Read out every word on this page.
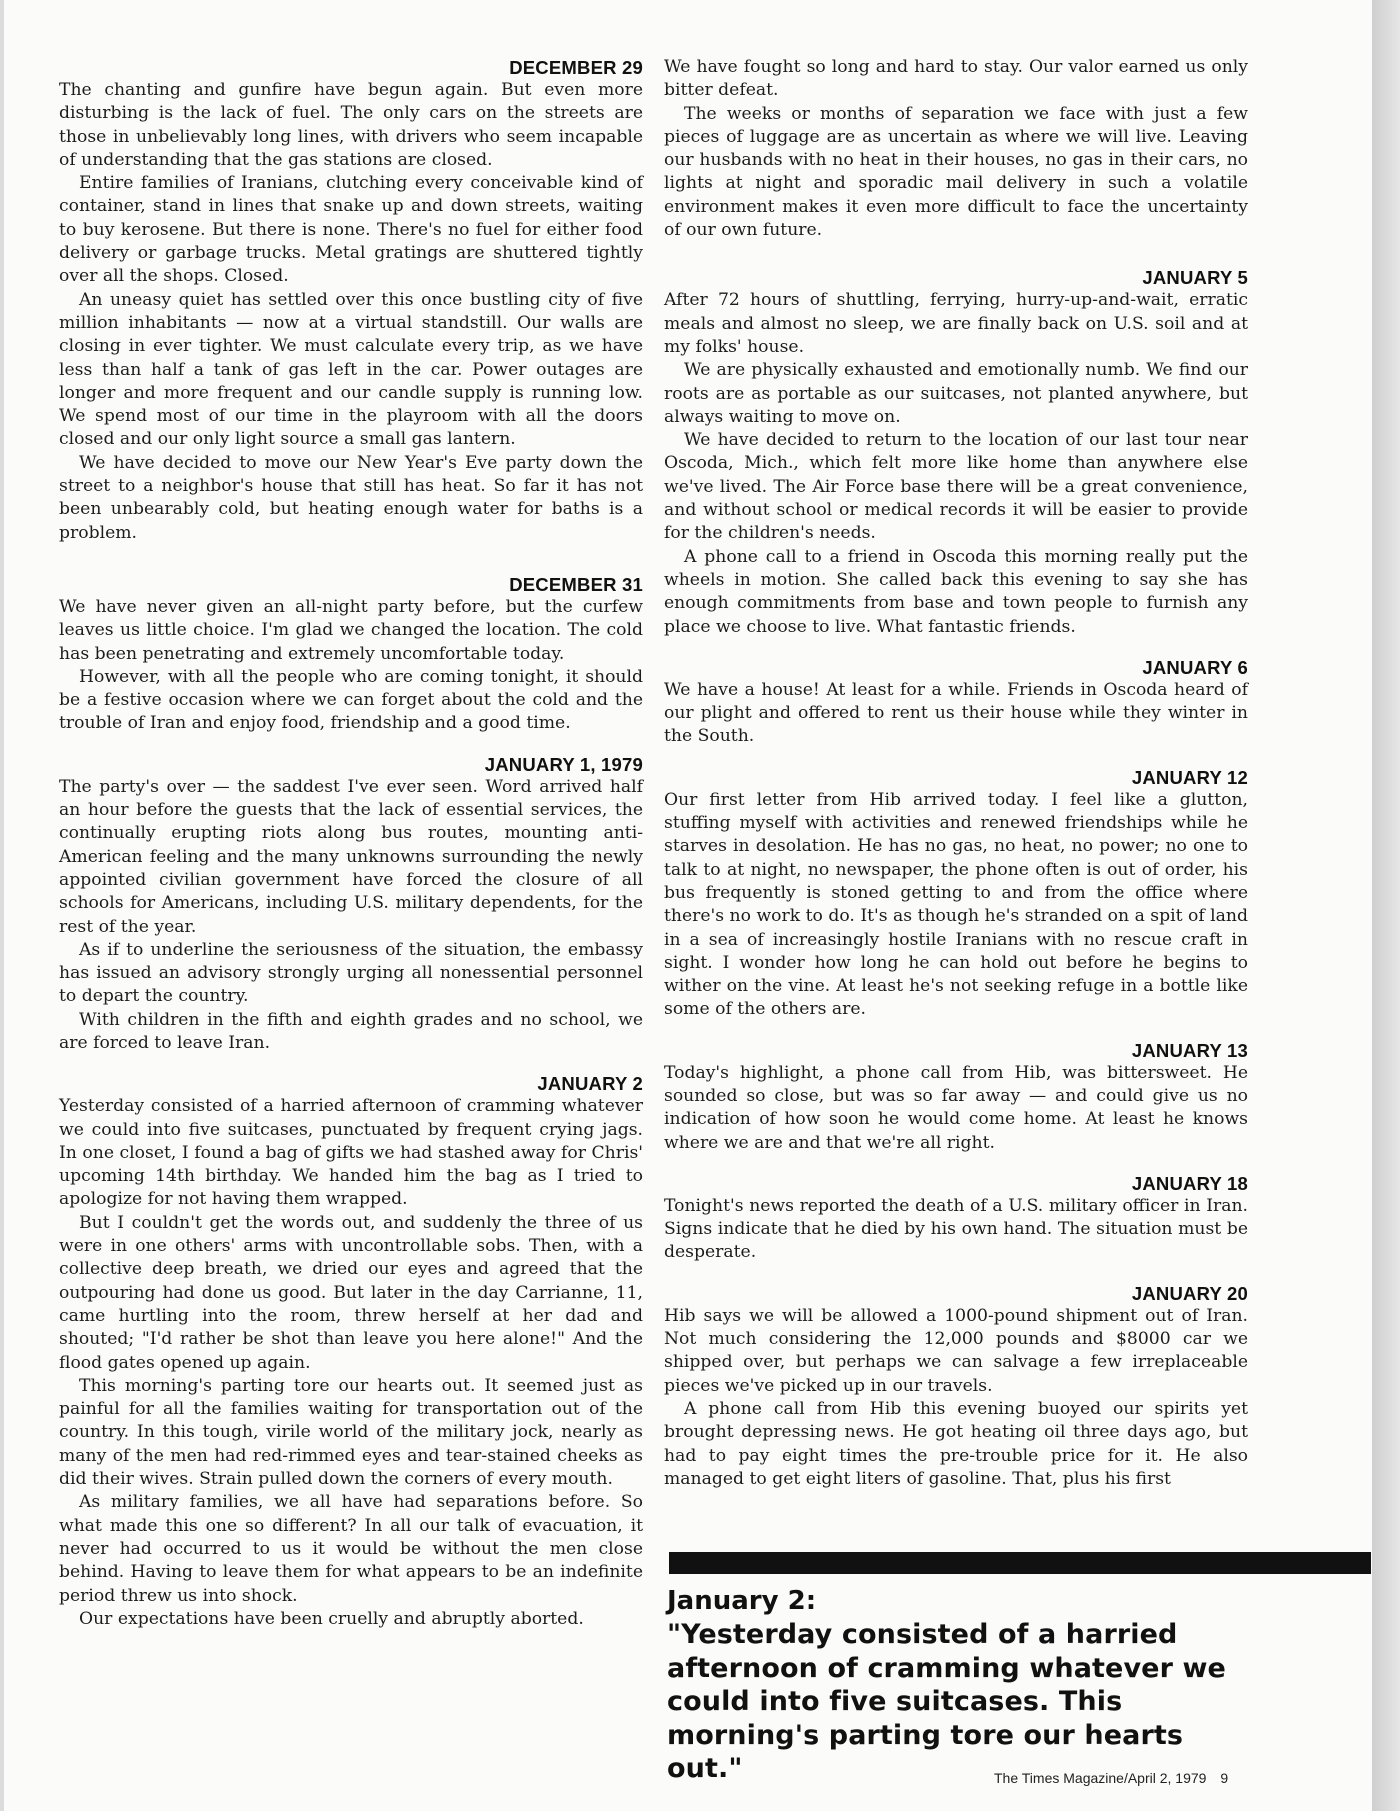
DECEMBER 29

The chanting and gunfire have begun again. But even more disturbing is the lack of fuel. The only cars on the streets are those in unbelievably long lines, with drivers who seem incapable of understanding that the gas stations are closed.

Entire families of Iranians, clutching every conceivable kind of container, stand in lines that snake up and down streets, waiting to buy kerosene. But there is none. There's no fuel for either food delivery or garbage trucks. Metal gratings are shuttered tightly over all the shops. Closed.

An uneasy quiet has settled over this once bustling city of five million inhabitants — now at a virtual standstill. Our walls are closing in ever tighter. We must calculate every trip, as we have less than half a tank of gas left in the car. Power outages are longer and more frequent and our candle supply is running low. We spend most of our time in the playroom with all the doors closed and our only light source a small gas lantern.

We have decided to move our New Year's Eve party down the street to a neighbor's house that still has heat. So far it has not been unbearably cold, but heating enough water for baths is a problem.

DECEMBER 31

We have never given an all-night party before, but the curfew leaves us little choice. I'm glad we changed the location. The cold has been penetrating and extremely uncomfortable today.

However, with all the people who are coming tonight, it should be a festive occasion where we can forget about the cold and the trouble of Iran and enjoy food, friendship and a good time.

JANUARY 1, 1979

The party's over — the saddest I've ever seen. Word arrived half an hour before the guests that the lack of essential services, the continually erupting riots along bus routes, mounting anti-American feeling and the many unknowns surrounding the newly appointed civilian government have forced the closure of all schools for Americans, including U.S. military dependents, for the rest of the year.

As if to underline the seriousness of the situation, the embassy has issued an advisory strongly urging all nonessential personnel to depart the country.

With children in the fifth and eighth grades and no school, we are forced to leave Iran.

JANUARY 2

Yesterday consisted of a harried afternoon of cramming whatever we could into five suitcases, punctuated by frequent crying jags. In one closet, I found a bag of gifts we had stashed away for Chris' upcoming 14th birthday. We handed him the bag as I tried to apologize for not having them wrapped.

But I couldn't get the words out, and suddenly the three of us were in one others' arms with uncontrollable sobs. Then, with a collective deep breath, we dried our eyes and agreed that the outpouring had done us good. But later in the day Carrianne, 11, came hurtling into the room, threw herself at her dad and shouted; "I'd rather be shot than leave you here alone!" And the flood gates opened up again.

This morning's parting tore our hearts out. It seemed just as painful for all the families waiting for transportation out of the country. In this tough, virile world of the military jock, nearly as many of the men had red-rimmed eyes and tear-stained cheeks as did their wives. Strain pulled down the corners of every mouth.

As military families, we all have had separations before. So what made this one so different? In all our talk of evacuation, it never had occurred to us it would be without the men close behind. Having to leave them for what appears to be an indefinite period threw us into shock.

Our expectations have been cruelly and abruptly aborted.

We have fought so long and hard to stay. Our valor earned us only bitter defeat.

The weeks or months of separation we face with just a few pieces of luggage are as uncertain as where we will live. Leaving our husbands with no heat in their houses, no gas in their cars, no lights at night and sporadic mail delivery in such a volatile environment makes it even more difficult to face the uncertainty of our own future.

JANUARY 5

After 72 hours of shuttling, ferrying, hurry-up-and-wait, erratic meals and almost no sleep, we are finally back on U.S. soil and at my folks' house.

We are physically exhausted and emotionally numb. We find our roots are as portable as our suitcases, not planted anywhere, but always waiting to move on.

We have decided to return to the location of our last tour near Oscoda, Mich., which felt more like home than anywhere else we've lived. The Air Force base there will be a great convenience, and without school or medical records it will be easier to provide for the children's needs.

A phone call to a friend in Oscoda this morning really put the wheels in motion. She called back this evening to say she has enough commitments from base and town people to furnish any place we choose to live. What fantastic friends.

JANUARY 6

We have a house! At least for a while. Friends in Oscoda heard of our plight and offered to rent us their house while they winter in the South.

JANUARY 12

Our first letter from Hib arrived today. I feel like a glutton, stuffing myself with activities and renewed friendships while he starves in desolation. He has no gas, no heat, no power; no one to talk to at night, no newspaper, the phone often is out of order, his bus frequently is stoned getting to and from the office where there's no work to do. It's as though he's stranded on a spit of land in a sea of increasingly hostile Iranians with no rescue craft in sight. I wonder how long he can hold out before he begins to wither on the vine. At least he's not seeking refuge in a bottle like some of the others are.

JANUARY 13

Today's highlight, a phone call from Hib, was bittersweet. He sounded so close, but was so far away — and could give us no indication of how soon he would come home. At least he knows where we are and that we're all right.

JANUARY 18

Tonight's news reported the death of a U.S. military officer in Iran. Signs indicate that he died by his own hand. The situation must be desperate.

JANUARY 20

Hib says we will be allowed a 1000-pound shipment out of Iran. Not much considering the 12,000 pounds and $8000 car we shipped over, but perhaps we can salvage a few irreplaceable pieces we've picked up in our travels.

A phone call from Hib this evening buoyed our spirits yet brought depressing news. He got heating oil three days ago, but had to pay eight times the pre-trouble price for it. He also managed to get eight liters of gasoline. That, plus his first

January 2:

"Yesterday consisted of a harried afternoon of cramming whatever we could into five suitcases. This morning's parting tore our hearts out."	The Times Magazine/April 2, 1979 9
